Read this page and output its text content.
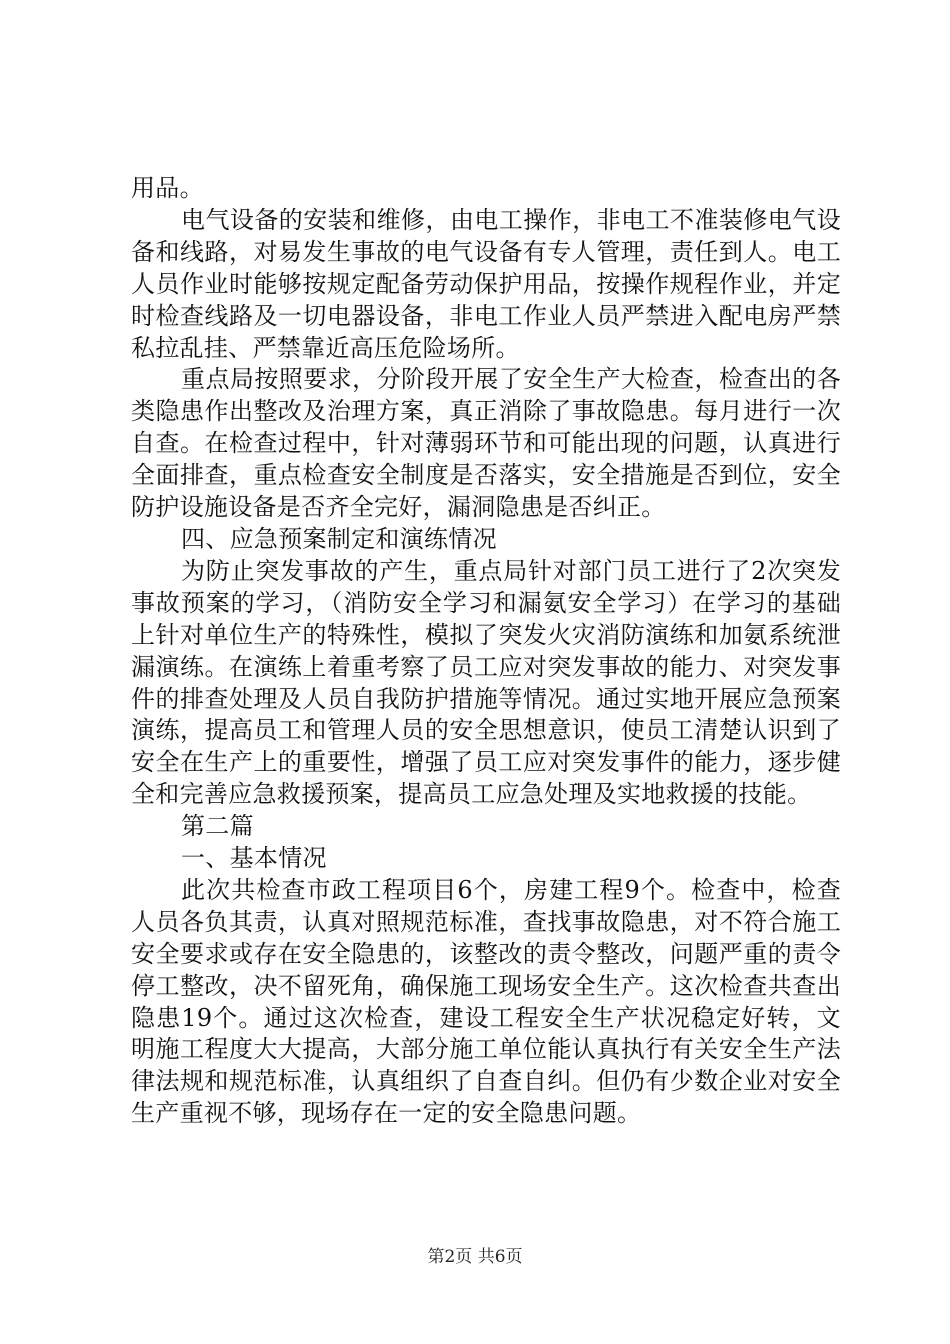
用品。

电气设备的安装和维修，由电工操作，非电工不准装修电气设备和线路，对易发生事故的电气设备有专人管理，责任到人。电工人员作业时能够按规定配备劳动保护用品，按操作规程作业，并定时检查线路及一切电器设备，非电工作业人员严禁进入配电房严禁私拉乱挂、严禁靠近高压危险场所。

重点局按照要求，分阶段开展了安全生产大检查，检查出的各类隐患作出整改及治理方案，真正消除了事故隐患。每月进行一次自查。在检查过程中，针对薄弱环节和可能出现的问题，认真进行全面排查，重点检查安全制度是否落实，安全措施是否到位，安全防护设施设备是否齐全完好，漏洞隐患是否纠正。

四、应急预案制定和演练情况

为防止突发事故的产生，重点局针对部门员工进行了2次突发事故预案的学习，（消防安全学习和漏氨安全学习）在学习的基础上针对单位生产的特殊性，模拟了突发火灾消防演练和加氨系统泄漏演练。在演练上着重考察了员工应对突发事故的能力、对突发事件的排查处理及人员自我防护措施等情况。通过实地开展应急预案演练，提高员工和管理人员的安全思想意识，使员工清楚认识到了安全在生产上的重要性，增强了员工应对突发事件的能力，逐步健全和完善应急救援预案，提高员工应急处理及实地救援的技能。

第二篇

一、基本情况

此次共检查市政工程项目6个，房建工程9个。检查中，检查人员各负其责，认真对照规范标准，查找事故隐患，对不符合施工安全要求或存在安全隐患的，该整改的责令整改，问题严重的责令停工整改，决不留死角，确保施工现场安全生产。这次检查共查出隐患19个。通过这次检查，建设工程安全生产状况稳定好转，文明施工程度大大提高，大部分施工单位能认真执行有关安全生产法律法规和规范标准，认真组织了自查自纠。但仍有少数企业对安全生产重视不够，现场存在一定的安全隐患问题。

第2页 共6页
